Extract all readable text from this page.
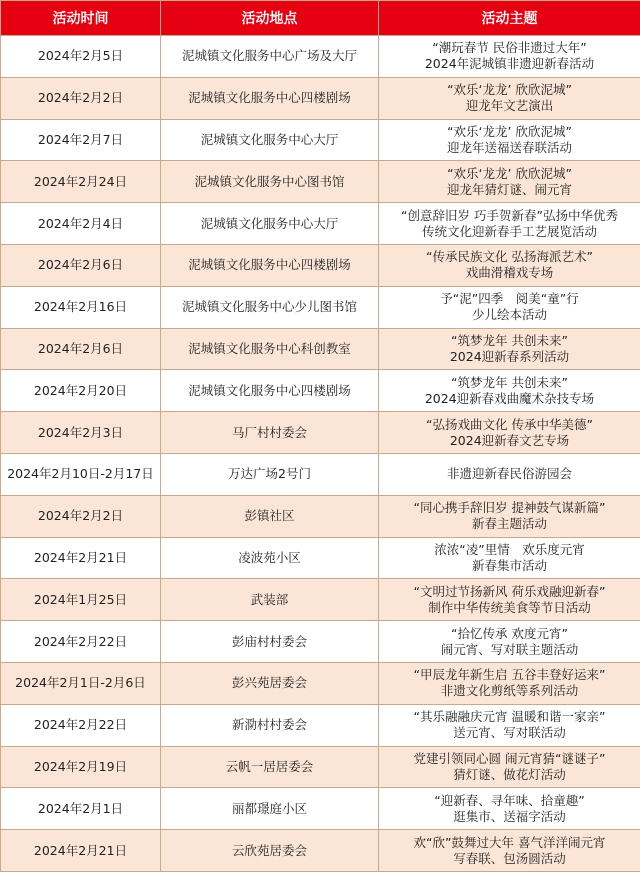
活动时间	活动地点	活动主题
2024年2月5日	泥城镇文化服务中心广场及大厅	“潮玩春节 民俗非遗过大年”
2024年泥城镇非遗迎新春活动

2024年2月2日	泥城镇文化服务中心四楼剧场	“欢乐‘龙龙’ 欣欣泥城”
迎龙年文艺演出

2024年2月7日	泥城镇文化服务中心大厅	“欢乐‘龙龙’ 欣欣泥城”
迎龙年送福送春联活动

2024年2月24日	泥城镇文化服务中心图书馆	“欢乐‘龙龙’ 欣欣泥城”
迎龙年猜灯谜、闹元宵

2024年2月4日	泥城镇文化服务中心大厅	“创意辞旧岁 巧手贺新春”弘扬中华优秀
传统文化迎新春手工艺展览活动

2024年2月6日	泥城镇文化服务中心四楼剧场	“传承民族文化 弘扬海派艺术”
戏曲滑稽戏专场

2024年2月16日	泥城镇文化服务中心少儿图书馆	予“泥”四季　阅美“童”行
少儿绘本活动

2024年2月6日	泥城镇文化服务中心科创教室	“筑梦龙年 共创未来”
2024迎新春系列活动

2024年2月20日	泥城镇文化服务中心四楼剧场	“筑梦龙年 共创未来”
2024迎新春戏曲魔术杂技专场

2024年2月3日	马厂村村委会	“弘扬戏曲文化 传承中华美德”
2024迎新春文艺专场

2024年2月10日-2月17日	万达广场2号门	非遗迎新春民俗游园会

2024年2月2日	彭镇社区	“同心携手辞旧岁 提神鼓气谋新篇”
新春主题活动

2024年2月21日	凌波苑小区	浓浓“凌”里情　欢乐度元宵
新春集市活动

2024年1月25日	武装部	“文明过节扬新风 荷乐戏融迎新春”
制作中华传统美食等节日活动

2024年2月22日	彭庙村村委会	“拾忆传承 欢度元宵”
闹元宵、写对联主题活动

2024年2月1日-2月6日	彭兴苑居委会	“甲辰龙年新生启 五谷丰登好运来”
非遗文化剪纸等系列活动

2024年2月22日	新泐村村委会	“其乐融融庆元宵 温暖和谐一家亲”
送元宵、写对联活动

2024年2月19日	云帆一居居委会	党建引领同心圆 闹元宵猜“谜谜子”
猜灯谜、做花灯活动

2024年2月1日	丽都璟庭小区	“迎新春、寻年味、拾童趣”
逛集市、送福字活动

2024年2月21日	云欣苑居委会	欢“欣”鼓舞过大年 喜气洋洋闹元宵
写春联、包汤圆活动
